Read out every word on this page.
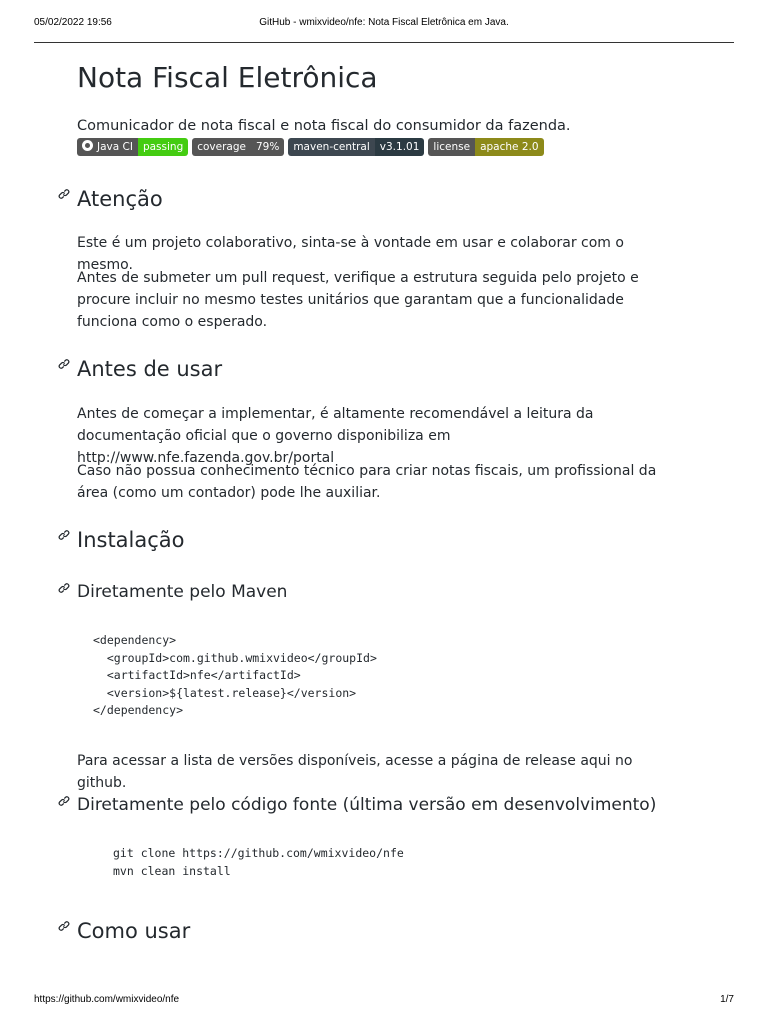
05/02/2022 19:56	GitHub - wmixvideo/nfe: Nota Fiscal Eletrônica em Java.
Nota Fiscal Eletrônica

Comunicador de nota fiscal e nota fiscal do consumidor da fazenda.

Java CI passing	coverage 79%	maven-central v3.1.01	license apache 2.0
Atenção

Este é um projeto colaborativo, sinta-se à vontade em usar e colaborar com o mesmo.

Antes de submeter um pull request, verifique a estrutura seguida pelo projeto e procure incluir no mesmo testes unitários que garantam que a funcionalidade funciona como o esperado.

Antes de usar

Antes de começar a implementar, é altamente recomendável a leitura da documentação oficial que o governo disponibiliza em http://www.nfe.fazenda.gov.br/portal

Caso não possua conhecimento técnico para criar notas fiscais, um profissional da área (como um contador) pode lhe auxiliar.

Instalação
Diretamente pelo Maven
<dependency>
<groupId>com.github.wmixvideo</groupId>
<artifactId>nfe</artifactId>
<version>${latest.release}</version>
</dependency>

Para acessar a lista de versões disponíveis, acesse a página de release aqui no github.

Diretamente pelo código fonte (última versão em desenvolvimento)
git clone https://github.com/wmixvideo/nfe
mvn clean install
Como usar
https://github.com/wmixvideo/nfe	1/7
